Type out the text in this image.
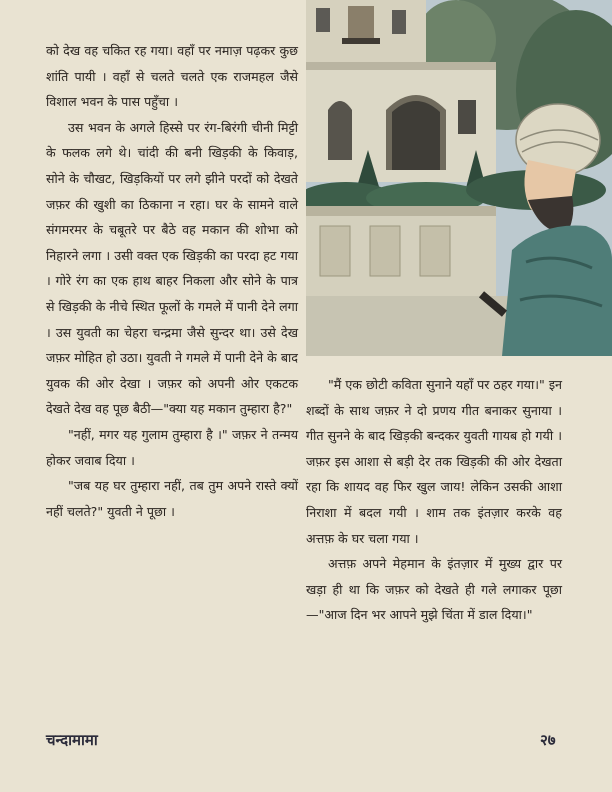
को देख वह चकित रह गया। वहाँ पर नमाज़ पढ़कर कुछ शांति पायी । वहाँ से चलते चलते एक राजमहल जैसे विशाल भवन के पास पहुँचा ।

उस भवन के अगले हिस्से पर रंग-बिरंगी चीनी मिट्टी के फलक लगे थे। चांदी की बनी खिड़की के किवाड़, सोने के चौखट, खिड़कियों पर लगे झीने परदों को देखते जफ़र की खुशी का ठिकाना न रहा। घर के सामने वाले संगमरमर के चबूतरे पर बैठे वह मकान की शोभा को निहारने लगा । उसी वक्त एक खिड़की का परदा हट गया । गोरे रंग का एक हाथ बाहर निकला और सोने के पात्र से खिड़की के नीचे स्थित फूलों के गमले में पानी देने लगा । उस युवती का चेहरा चन्द्रमा जैसे सुन्दर था। उसे देख जफ़र मोहित हो उठा। युवती ने गमले में पानी देने के बाद युवक की ओर देखा । जफ़र को अपनी ओर एकटक देखते देख वह पूछ बैठी—"क्या यह मकान तुम्हारा है?"

"नहीं, मगर यह गुलाम तुम्हारा है ।" जफ़र ने तन्मय होकर जवाब दिया ।

"जब यह घर तुम्हारा नहीं, तब तुम अपने रास्ते क्यों नहीं चलते?" युवती ने पूछा ।

"मैं एक छोटी कविता सुनाने यहाँ पर ठहर गया।" इन शब्दों के साथ जफ़र ने दो प्रणय गीत बनाकर सुनाया । गीत सुनने के बाद खिड़की बन्दकर युवती गायब हो गयी । जफ़र इस आशा से बड़ी देर तक खिड़की की ओर देखता रहा कि शायद वह फिर खुल जाय! लेकिन उसकी आशा निराशा में बदल गयी । शाम तक इंतज़ार करके वह अत्तफ़ के घर चला गया ।

अत्तफ़ अपने मेहमान के इंतज़ार में मुख्य द्वार पर खड़ा ही था कि जफ़र को देखते ही गले लगाकर पूछा—"आज दिन भर आपने मुझे चिंता में डाल दिया।"

चन्दामामा	२७
